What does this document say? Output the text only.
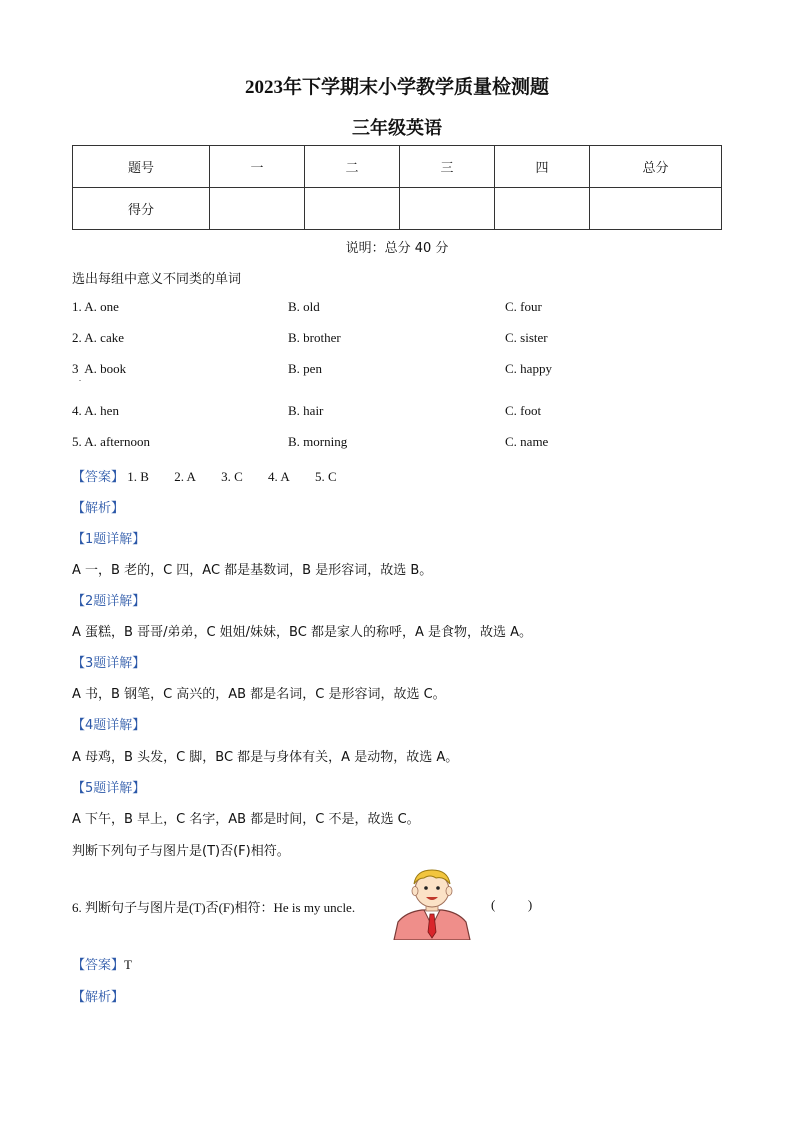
2023年下学期末小学教学质量检测题
三年级英语
题号	一	二	三	四	总分
得分					
说明：总分 40 分
选出每组中意义不同类的单词
1. A. one	B. old	C. four
2. A. cake	B. brother	C. sister
3  A. book	B. pen	C. happy
.
4. A. hen	B. hair	C. foot
5. A. afternoon	B. morning	C. name
【答案】 1. B 2. A 3. C 4. A 5. C
【解析】
【1题详解】
A 一，B 老的，C 四，AC 都是基数词，B 是形容词，故选 B。
【2题详解】
A 蛋糕，B 哥哥/弟弟，C 姐姐/妹妹，BC 都是家人的称呼，A 是食物，故选 A。
【3题详解】
A 书，B 钢笔，C 高兴的，AB 都是名词，C 是形容词，故选 C。
【4题详解】
A 母鸡，B 头发，C 脚，BC 都是与身体有关，A 是动物，故选 A。
【5题详解】
A 下午，B 早上，C 名字，AB 都是时间，C 不是，故选 C。
判断下列句子与图片是(T)否(F)相符。
6. 判断句子与图片是(T)否(F)相符：He is my uncle.	(          )
【答案】T
【解析】
